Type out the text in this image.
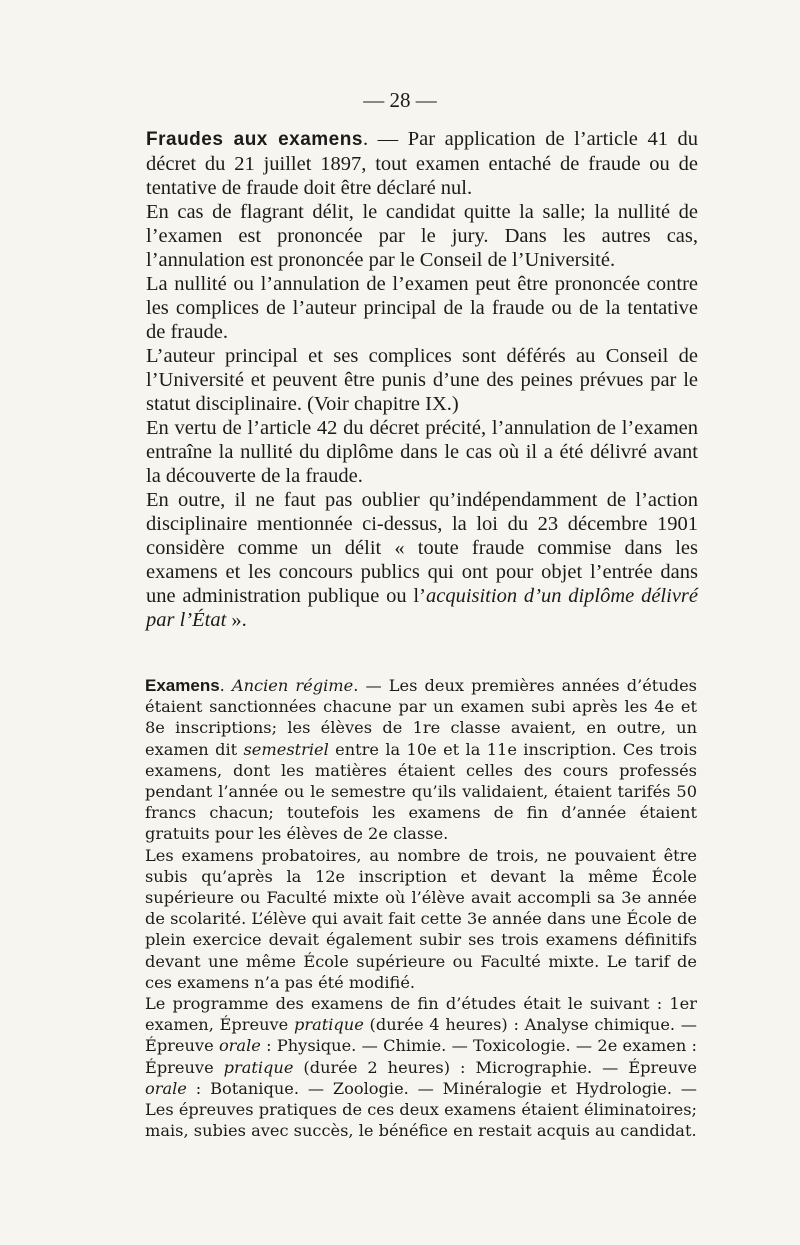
— 28 —

Fraudes aux examens. — Par application de l’article 41 du décret du 21 juillet 1897, tout examen entaché de fraude ou de tentative de fraude doit être déclaré nul.

En cas de flagrant délit, le candidat quitte la salle; la nullité de l’examen est prononcée par le jury. Dans les autres cas, l’annulation est prononcée par le Conseil de l’Université.

La nullité ou l’annulation de l’examen peut être prononcée contre les complices de l’auteur principal de la fraude ou de la tentative de fraude.

L’auteur principal et ses complices sont déférés au Conseil de l’Université et peuvent être punis d’une des peines prévues par le statut disciplinaire. (Voir chapitre IX.)

En vertu de l’article 42 du décret précité, l’annulation de l’examen entraîne la nullité du diplôme dans le cas où il a été délivré avant la découverte de la fraude.

En outre, il ne faut pas oublier qu’indépendamment de l’action disciplinaire mentionnée ci-dessus, la loi du 23 décembre 1901 considère comme un délit « toute fraude commise dans les examens et les concours publics qui ont pour objet l’entrée dans une administration publique ou l’acquisition d’un diplôme délivré par l’État ».

Examens. Ancien régime. — Les deux premières années d’études étaient sanctionnées chacune par un examen subi après les 4e et 8e inscriptions; les élèves de 1re classe avaient, en outre, un examen dit semestriel entre la 10e et la 11e inscription. Ces trois examens, dont les matières étaient celles des cours professés pendant l’année ou le semestre qu’ils validaient, étaient tarifés 50 francs chacun; toutefois les examens de fin d’année étaient gratuits pour les élèves de 2e classe.

Les examens probatoires, au nombre de trois, ne pouvaient être subis qu’après la 12e inscription et devant la même École supérieure ou Faculté mixte où l’élève avait accompli sa 3e année de scolarité. L’élève qui avait fait cette 3e année dans une École de plein exercice devait également subir ses trois examens définitifs devant une même École supérieure ou Faculté mixte. Le tarif de ces examens n’a pas été modifié.

Le programme des examens de fin d’études était le suivant : 1er examen, Épreuve pratique (durée 4 heures) : Analyse chimique. — Épreuve orale : Physique. — Chimie. — Toxicologie. — 2e examen : Épreuve pratique (durée 2 heures) : Micrographie. — Épreuve orale : Botanique. — Zoologie. — Minéralogie et Hydrologie. — Les épreuves pratiques de ces deux examens étaient éliminatoires; mais, subies avec succès, le bénéfice en restait acquis au candidat.
